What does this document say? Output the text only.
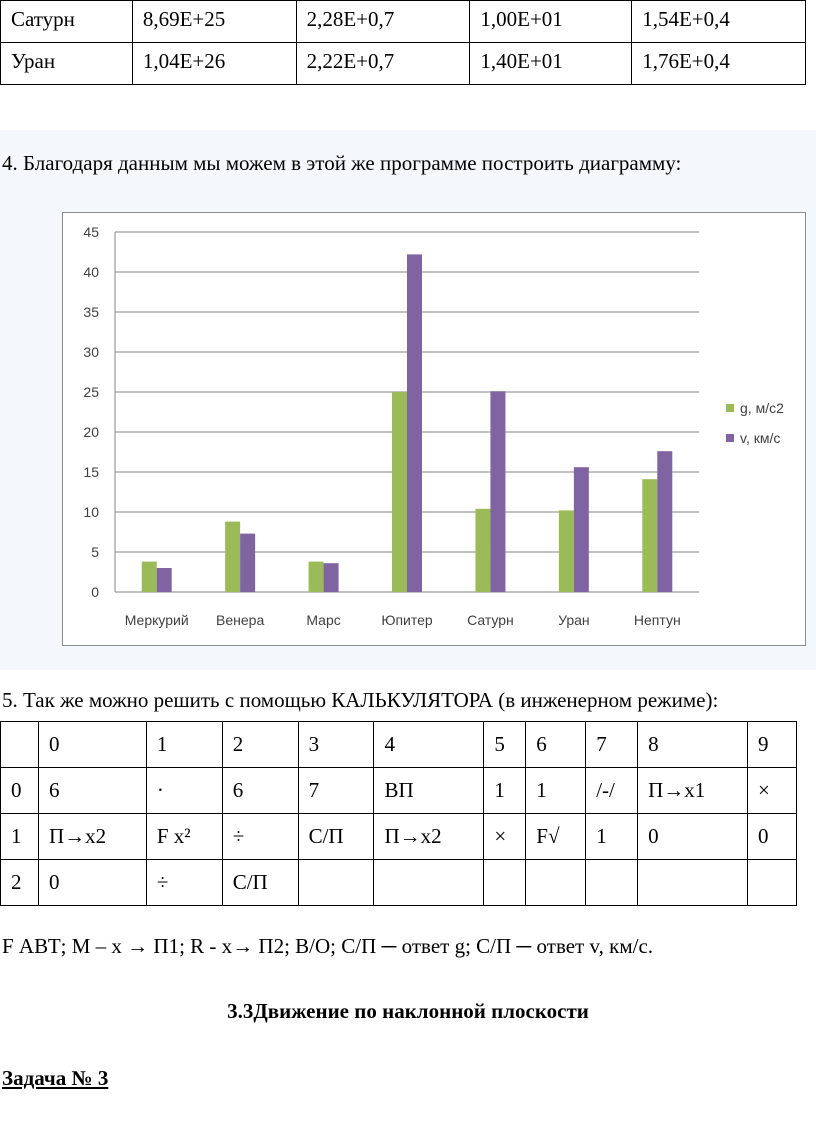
Сатурн	8,69E+25	2,28E+0,7	1,00E+01	1,54E+0,4
Уран	1,04E+26	2,22E+0,7	1,40E+01	1,76E+0,4
4. Благодаря данным мы можем в этой же программе построить диаграмму:
0
5
10
15
20
25
30
35
40
45
Меркурий Венера	Марс	Юпитер Сатурн	Уран	Нептун
g, м/с2
v, км/с
5. Так же можно решить с помощью КАЛЬКУЛЯТОРА (в инженерном режиме):
	0	1	2	3	4	5	6	7	8	9
0	6	·	6	7	ВП	1	1	/-/	П→x1	×
1	П→x2	F x²	÷	С/П	П→x2	×	F√	1	0	0
2	0	÷	С/П							
F АВТ; М – х → П1; R - х→ П2; В/О; С/П ─ ответ g; С/П ─ ответ v, км/с.
3.3Движение по наклонной плоскости
Задача № 3
